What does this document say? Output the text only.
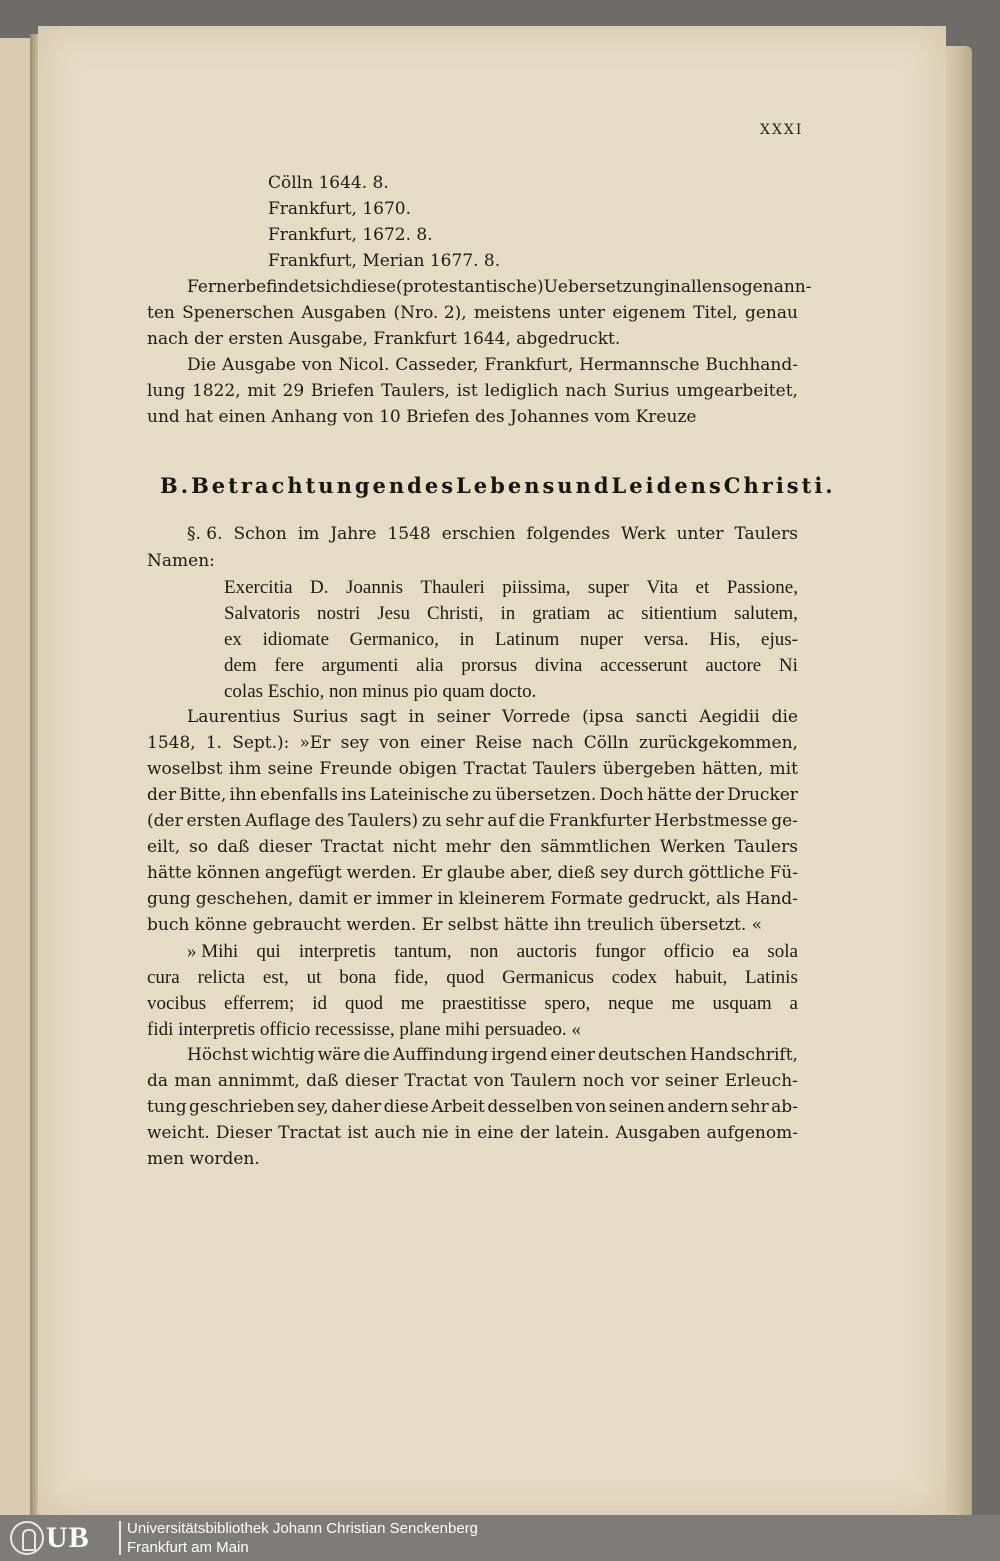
XXXI
Cölln 1644. 8.
Frankfurt, 1670.
Frankfurt, 1672. 8.
Frankfurt, Merian 1677. 8.
Ferner befindet sich diese (protestantische) Uebersetzung in allen sogenann-
ten Spenerschen Ausgaben (Nro. 2), meistens unter eigenem Titel, genau
nach der ersten Ausgabe, Frankfurt 1644, abgedruckt.
Die Ausgabe von Nicol. Casseder, Frankfurt, Hermannsche Buchhand-
lung 1822, mit 29 Briefen Taulers, ist lediglich nach Surius umgearbeitet,
und hat einen Anhang von 10 Briefen des Johannes vom Kreuze
§. 6. Schon im Jahre 1548 erschien folgendes Werk unter Taulers
Namen:
Exercitia D. Joannis Thauleri piissima, super Vita et Passione,
Salvatoris nostri Jesu Christi, in gratiam ac sitientium salutem,
ex idiomate Germanico, in Latinum nuper versa. His, ejus-
dem fere argumenti alia prorsus divina accesserunt auctore Ni
colas Eschio, non minus pio quam docto.
Laurentius Surius sagt in seiner Vorrede (ipsa sancti Aegidii die
1548, 1. Sept.): »Er sey von einer Reise nach Cölln zurückgekommen,
woselbst ihm seine Freunde obigen Tractat Taulers übergeben hätten, mit
der Bitte, ihn ebenfalls ins Lateinische zu übersetzen. Doch hätte der Drucker
(der ersten Auflage des Taulers) zu sehr auf die Frankfurter Herbstmesse ge-
eilt, so daß dieser Tractat nicht mehr den sämmtlichen Werken Taulers
hätte können angefügt werden. Er glaube aber, dieß sey durch göttliche Fü-
gung geschehen, damit er immer in kleinerem Formate gedruckt, als Hand-
buch könne gebraucht werden. Er selbst hätte ihn treulich übersetzt. «
» Mihi qui interpretis tantum, non auctoris fungor officio ea sola
cura relicta est, ut bona fide, quod Germanicus codex habuit, Latinis
vocibus efferrem; id quod me praestitisse spero, neque me usquam a
fidi interpretis officio recessisse, plane mihi persuadeo. «
Höchst wichtig wäre die Auffindung irgend einer deutschen Handschrift,
da man annimmt, daß dieser Tractat von Taulern noch vor seiner Erleuch-
tung geschrieben sey, daher diese Arbeit desselben von seinen andern sehr ab-
weicht. Dieser Tractat ist auch nie in eine der latein. Ausgaben aufgenom-
men worden.
B. Betrachtungen des Lebens und Leidens Christi.
UB	Universitätsbibliothek Johann Christian Senckenberg
Frankfurt am Main
